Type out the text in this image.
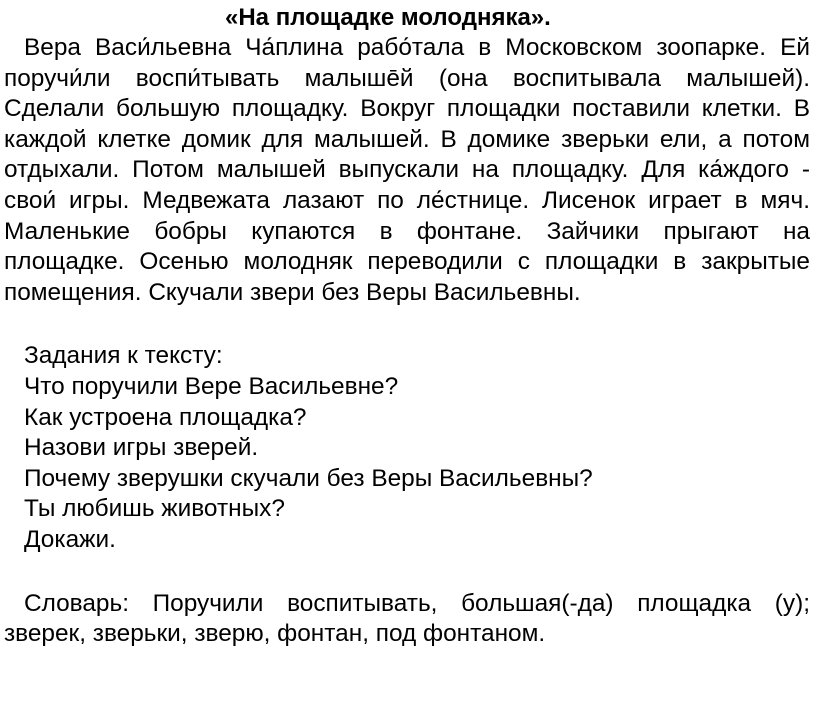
«На площадке молодняка».

Вера Васи́льевна Ча́плина рабо́тала в Московском зоопарке. Ей поручи́ли воспи́тывать малыше̄й (она воспитывала малышей). Сделали большую площадку. Вокруг площадки поставили клетки. В каждой клетке домик для малышей. В домике зверьки ели, а потом отдыхали. Потом малышей выпускали на площадку. Для ка́ждого - свои́ игры. Медвежата лазают по ле́стнице. Лисенок играет в мяч. Маленькие бобры купаются в фонтане. Зайчики прыгают на площадке. Осенью молодняк переводили с площадки в закрытые помещения. Скучали звери без Веры Васильевны.

Задания к тексту:
Что поручили Вере Васильевне?
Как устроена площадка?
Назови игры зверей.
Почему зверушки скучали без Веры Васильевны?
Ты любишь животных?
Докажи.

Словарь: Поручили воспитывать, большая(-да) площадка (у); зверек, зверьки, зверю, фонтан, под фонтаном.
